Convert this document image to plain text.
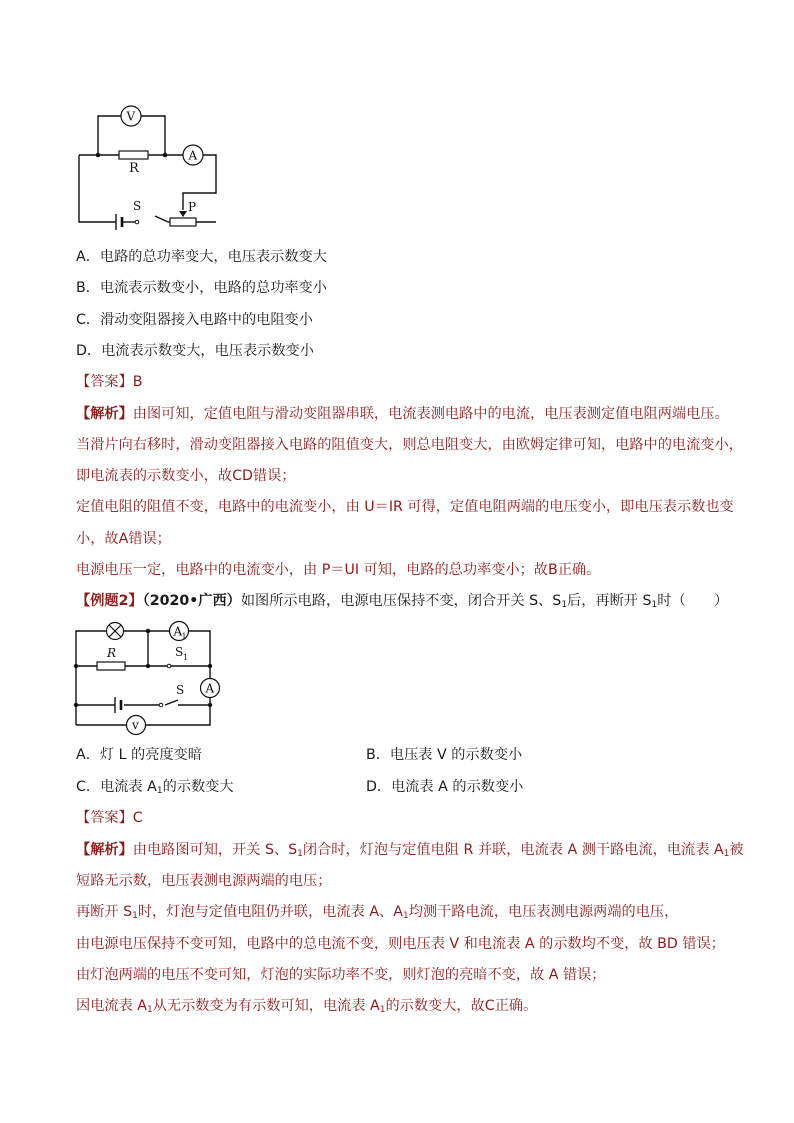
R
V
A
S	P
A．电路的总功率变大，电压表示数变大
B．电流表示数变小，电路的总功率变小
C．滑动变阻器接入电路中的电阻变小
D．电流表示数变大，电压表示数变小
【答案】B
【解析】由图可知，定值电阻与滑动变阻器串联，电流表测电路中的电流，电压表测定值电阻两端电压。
当滑片向右移时，滑动变阻器接入电路的阻值变大，则总电阻变大，由欧姆定律可知，电路中的电流变小，
即电流表的示数变小，故CD错误；
定值电阻的阻值不变，电路中的电流变小，由 U＝IR 可得，定值电阻两端的电压变小，即电压表示数也变
小，故A错误；
电源电压一定，电路中的电流变小，由 P＝UI 可知，电路的总功率变小；故B正确。
【例题2】（2020•广西）如图所示电路，电源电压保持不变，闭合开关 S、$S_1$后，再断开 $S_1$时（　　）
A 1
R	S 1
A
S
v
A．灯 L 的亮度变暗	B．电压表 V 的示数变小
C．电流表 $A_1$的示数变大	D．电流表 A 的示数变小
【答案】C
【解析】由电路图可知，开关 S、$S_1$闭合时，灯泡与定值电阻 R 并联，电流表 A 测干路电流，电流表 $A_1$被
短路无示数，电压表测电源两端的电压；
再断开 $S_1$时，灯泡与定值电阻仍并联，电流表 A、$A_1$均测干路电流，电压表测电源两端的电压，
由电源电压保持不变可知，电路中的总电流不变，则电压表 V 和电流表 A 的示数均不变，故 BD 错误；
由灯泡两端的电压不变可知，灯泡的实际功率不变，则灯泡的亮暗不变，故 A 错误；
因电流表 $A_1$从无示数变为有示数可知，电流表 $A_1$的示数变大，故C正确。
